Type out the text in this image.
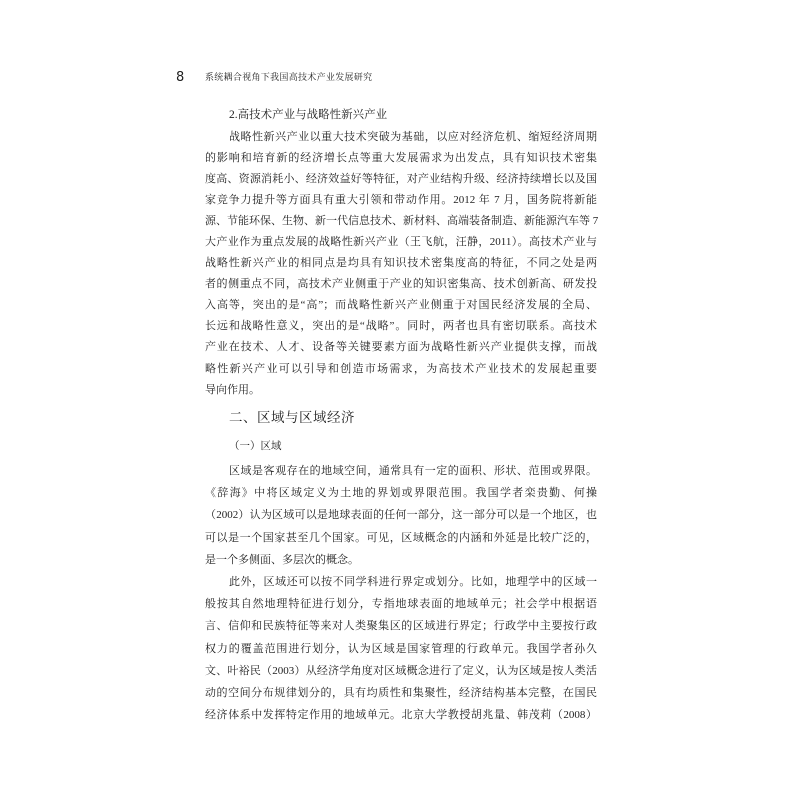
8 系统耦合视角下我国高技术产业发展研究
2.高技术产业与战略性新兴产业
战略性新兴产业以重大技术突破为基础，以应对经济危机、缩短经济周期
的影响和培育新的经济增长点等重大发展需求为出发点，具有知识技术密集
度高、资源消耗小、经济效益好等特征，对产业结构升级、经济持续增长以及国
家竞争力提升等方面具有重大引领和带动作用。2012 年 7 月，国务院将新能
源、节能环保、生物、新一代信息技术、新材料、高端装备制造、新能源汽车等 7
大产业作为重点发展的战略性新兴产业（王飞航，汪静，2011）。高技术产业与
战略性新兴产业的相同点是均具有知识技术密集度高的特征，不同之处是两
者的侧重点不同，高技术产业侧重于产业的知识密集高、技术创新高、研发投
入高等，突出的是“高”；而战略性新兴产业侧重于对国民经济发展的全局、
长远和战略性意义，突出的是“战略”。同时，两者也具有密切联系。高技术
产业在技术、人才、设备等关键要素方面为战略性新兴产业提供支撑，而战
略性新兴产业可以引导和创造市场需求，为高技术产业技术的发展起重要
导向作用。
二、区域与区域经济
（一）区域
区域是客观存在的地域空间，通常具有一定的面积、形状、范围或界限。
《辞海》中将区域定义为土地的界划或界限范围。我国学者栾贵勤、何操
（2002）认为区域可以是地球表面的任何一部分，这一部分可以是一个地区，也
可以是一个国家甚至几个国家。可见，区域概念的内涵和外延是比较广泛的，
是一个多侧面、多层次的概念。
此外，区域还可以按不同学科进行界定或划分。比如，地理学中的区域一
般按其自然地理特征进行划分，专指地球表面的地域单元；社会学中根据语
言、信仰和民族特征等来对人类聚集区的区域进行界定；行政学中主要按行政
权力的覆盖范围进行划分，认为区域是国家管理的行政单元。我国学者孙久
文、叶裕民（2003）从经济学角度对区域概念进行了定义，认为区域是按人类活
动的空间分布规律划分的，具有均质性和集聚性，经济结构基本完整，在国民
经济体系中发挥特定作用的地域单元。北京大学教授胡兆量、韩茂莉（2008）
